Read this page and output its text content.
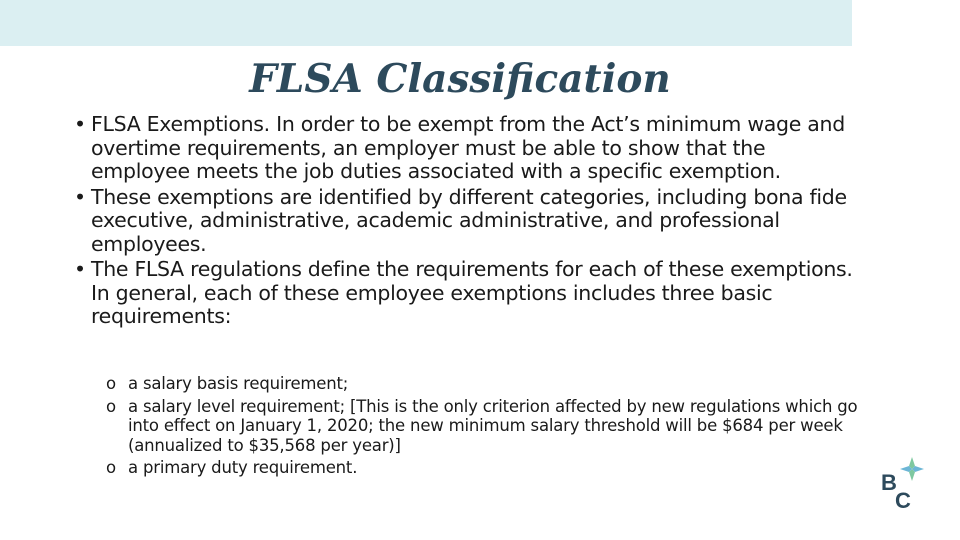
FLSA Classification
• FLSA Exemptions. In order to be exempt from the Act’s minimum wage and overtime requirements, an employer must be able to show that the employee meets the job duties associated with a specific exemption.
• These exemptions are identified by different categories, including bona fide executive, administrative, academic administrative, and professional employees.
• The FLSA regulations define the requirements for each of these exemptions. In general, each of these employee exemptions includes three basic requirements:
o a salary basis requirement;
o a salary level requirement; [This is the only criterion affected by new regulations which go into effect on January 1, 2020; the new minimum salary threshold will be $684 per week (annualized to $35,568 per year)]
o a primary duty requirement.
B
C
